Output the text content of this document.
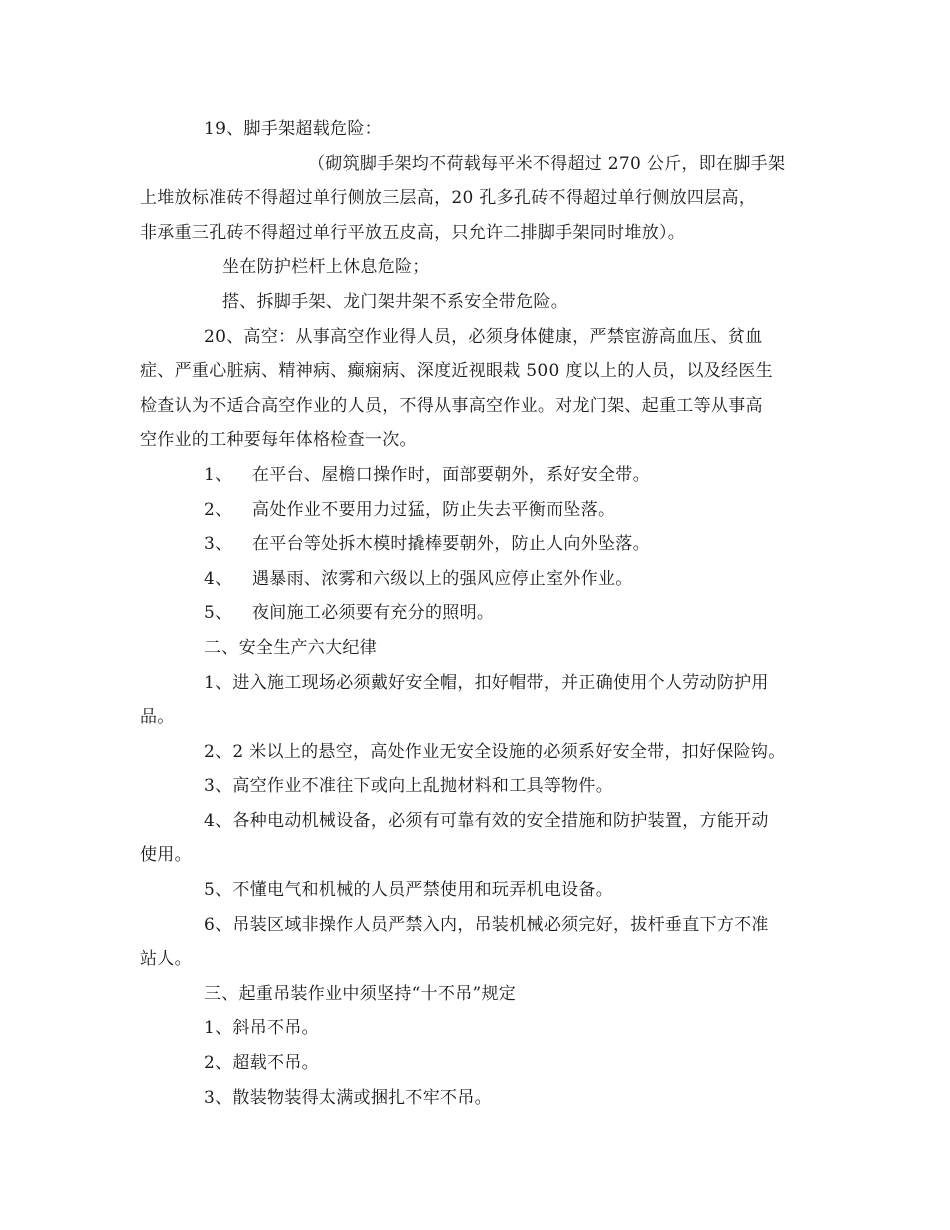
19、脚手架超载危险：

（砌筑脚手架均不荷载每平米不得超过 270 公斤，即在脚手架

上堆放标准砖不得超过单行侧放三层高，20 孔多孔砖不得超过单行侧放四层高，

非承重三孔砖不得超过单行平放五皮高，只允许二排脚手架同时堆放）。

坐在防护栏杆上休息危险；

搭、拆脚手架、龙门架井架不系安全带危险。

20、高空：从事高空作业得人员，必须身体健康，严禁宦游高血压、贫血

症、严重心脏病、精神病、癫痫病、深度近视眼栽 500 度以上的人员，以及经医生

检查认为不适合高空作业的人员，不得从事高空作业。对龙门架、起重工等从事高

空作业的工种要每年体格检查一次。

1、	在平台、屋檐口操作时，面部要朝外，系好安全带。
2、	高处作业不要用力过猛，防止失去平衡而坠落。
3、	在平台等处拆木模时撬棒要朝外，防止人向外坠落。
4、	遇暴雨、浓雾和六级以上的强风应停止室外作业。
5、	夜间施工必须要有充分的照明。

二、安全生产六大纪律

1、进入施工现场必须戴好安全帽，扣好帽带，并正确使用个人劳动防护用

品。

2、2 米以上的悬空，高处作业无安全设施的必须系好安全带，扣好保险钩。

3、高空作业不准往下或向上乱抛材料和工具等物件。

4、各种电动机械设备，必须有可靠有效的安全措施和防护装置，方能开动

使用。

5、不懂电气和机械的人员严禁使用和玩弄机电设备。

6、吊装区域非操作人员严禁入内，吊装机械必须完好，拔杆垂直下方不准

站人。

三、起重吊装作业中须坚持“十不吊”规定

1、斜吊不吊。

2、超载不吊。

3、散装物装得太满或捆扎不牢不吊。
